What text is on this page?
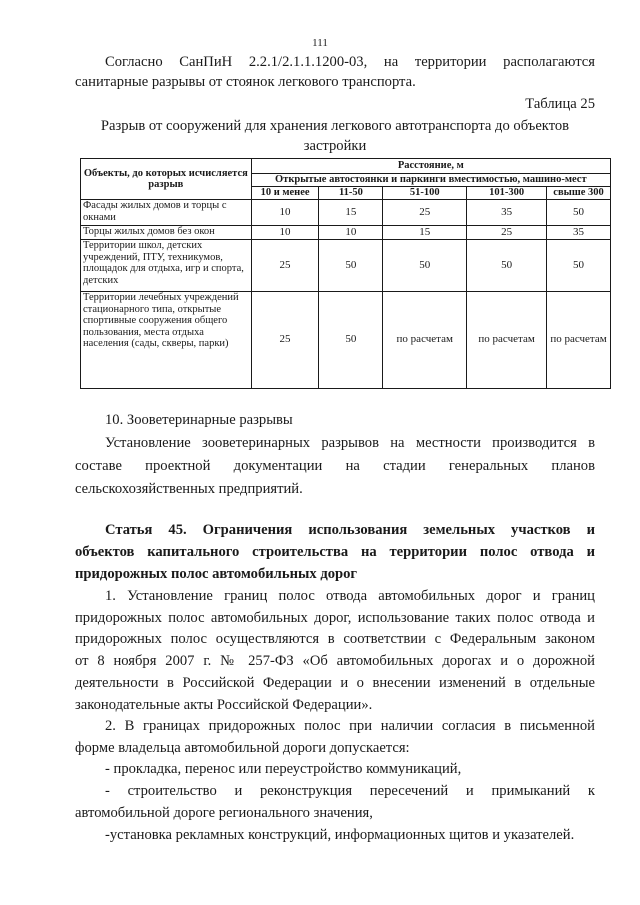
111
Согласно СанПиН 2.2.1/2.1.1.1200-03, на территории располагаются
санитарные разрывы от стоянок легкового транспорта.
Таблица 25
Разрыв от сооружений для хранения легкового автотранспорта до объектов
застройки
Объекты, до которых исчисляется разрыв	Расстояние, м				
	Открытые автостоянки и паркинги вместимостью, машино-мест				
	10 и менее	11-50	51-100	101-300	свыше 300
Фасады жилых домов и торцы с окнами	10	15	25	35	50
Торцы жилых домов без окон	10	10	15	25	35
Территории школ, детских учреждений, ПТУ, техникумов, площадок для отдыха, игр и спорта, детских	25	50	50	50	50
Территории лечебных учреждений стационарного типа, открытые спортивные сооружения общего пользования, места отдыха населения (сады, скверы, парки)	25	50	по расчетам	по расчетам	по расчетам
10. Зооветеринарные разрывы
Установление зооветеринарных разрывов на местности производится в
составе проектной документации на стадии генеральных планов
сельскохозяйственных предприятий.
Статья 45. Ограничения использования земельных участков и
объектов капитального строительства на территории полос отвода и
придорожных полос автомобильных дорог
1. Установление границ полос отвода автомобильных дорог и границ
придорожных полос автомобильных дорог, использование таких полос отвода и
придорожных полос осуществляются в соответствии с Федеральным законом
от 8 ноября 2007 г. № 257-ФЗ «Об автомобильных дорогах и о дорожной
деятельности в Российской Федерации и о внесении изменений в отдельные
законодательные акты Российской Федерации».
2. В границах придорожных полос при наличии согласия в письменной
форме владельца автомобильной дороги допускается:
- прокладка, перенос или переустройство коммуникаций,
- строительство и реконструкция пересечений и примыканий к
автомобильной дороге регионального значения,
-установка рекламных конструкций, информационных щитов и указателей.
